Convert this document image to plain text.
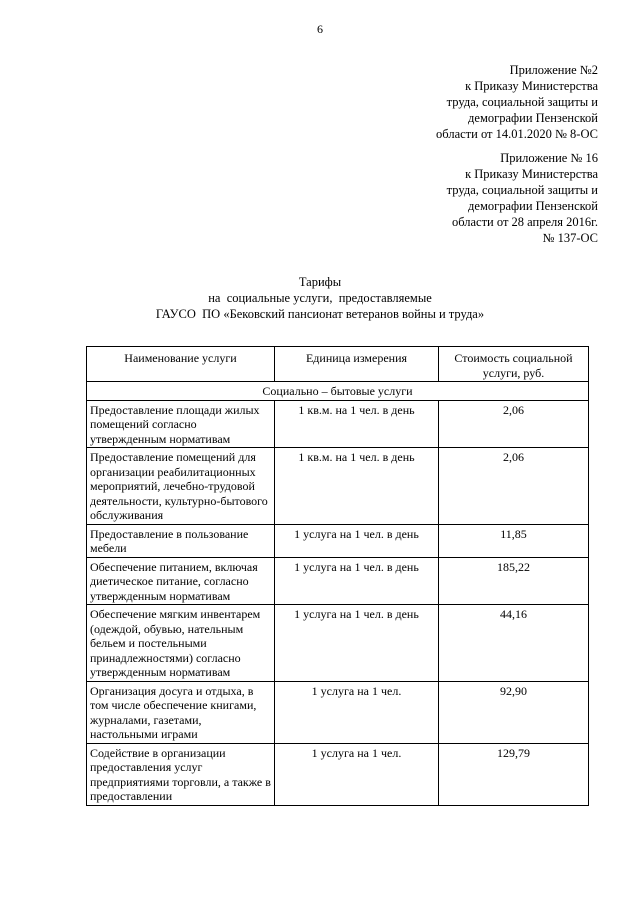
6
Приложение №2
к Приказу Министерства
труда, социальной защиты и
демографии Пензенской
области от 14.01.2020 № 8-ОС
Приложение № 16
к Приказу Министерства
труда, социальной защиты и
демографии Пензенской
области от 28 апреля 2016г.
№ 137-ОС
Тарифы
на  социальные услуги,  предоставляемые
ГАУСО  ПО «Бековский пансионат ветеранов войны и труда»
Наименование услуги	Единица измерения	Стоимость социальной услуги, руб.
Социально – бытовые услуги		
Предоставление площади жилых помещений согласно утвержденным нормативам	1 кв.м. на 1 чел. в день	2,06
Предоставление помещений для организации реабилитационных мероприятий, лечебно-трудовой деятельности, культурно-бытового обслуживания	1 кв.м. на 1 чел. в день	2,06
Предоставление в пользование мебели	1 услуга на 1 чел. в день	11,85
Обеспечение питанием, включая диетическое питание, согласно утвержденным нормативам	1 услуга на 1 чел. в день	185,22
Обеспечение мягким инвентарем (одеждой, обувью, нательным бельем и постельными принадлежностями) согласно утвержденным нормативам	1 услуга на 1 чел. в день	44,16
Организация досуга и отдыха, в том числе обеспечение книгами, журналами, газетами, настольными играми	1 услуга на 1 чел.	92,90
Содействие в организации предоставления услуг предприятиями торговли, а также в предоставлении	1 услуга на 1 чел.	129,79
